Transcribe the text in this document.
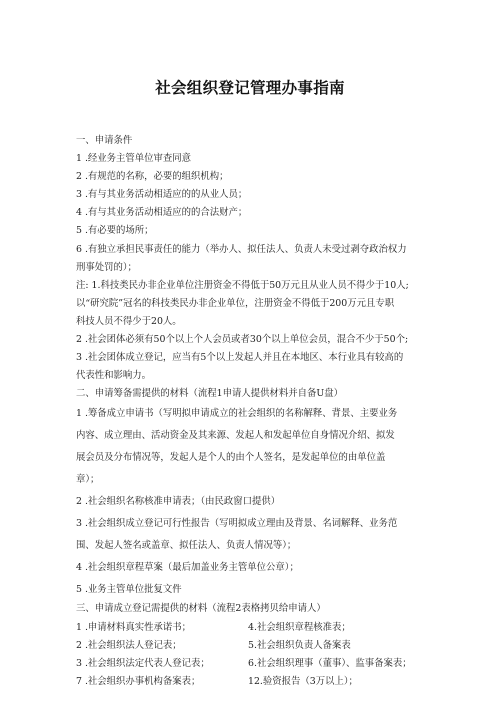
社会组织登记管理办事指南
一、申请条件
1 .经业务主管单位审查同意
2 .有规范的名称，必要的组织机构；
3 .有与其业务活动相适应的的从业人员；
4 .有与其业务活动相适应的的合法财产；
5 .有必要的场所；
6 .有独立承担民事责任的能力（举办人、拟任法人、负责人未受过剥夺政治权力
刑事处罚的）；
注: 1.科技类民办非企业单位注册资金不得低于50万元且从业人员不得少于10人;
以“研究院”冠名的科技类民办非企业单位，注册资金不得低于200万元且专职
科技人员不得少于20人。
2 .社会团体必须有50个以上个人会员或者30个以上单位会员，混合不少于50个;
3 .社会团体成立登记，应当有5个以上发起人并且在本地区、本行业具有较高的
代表性和影响力。
二、申请筹备需提供的材料（流程1申请人提供材料并自备U盘）
1 .筹备成立申请书（写明拟申请成立的社会组织的名称解释、背景、主要业务
内容、成立理由、活动资金及其来源、发起人和发起单位自身情况介绍、拟发
展会员及分布情况等，发起人是个人的由个人签名，是发起单位的由单位盖
章）；
2 .社会组织名称核准申请表；（由民政窗口提供）
3 .社会组织成立登记可行性报告（写明拟成立理由及背景、名词解释、业务范
围、发起人签名或盖章、拟任法人、负责人情况等）；
4 .社会组织章程草案（最后加盖业务主管单位公章）；
5 .业务主管单位批复文件
三、申请成立登记需提供的材料（流程2表格拷贝给申请人）
1 .申请材料真实性承诺书；	4.社会组织章程核准表；
2 .社会组织法人登记表；	5.社会组织负责人备案表
3 .社会组织法定代表人登记表；	6.社会组织理事（董事）、监事备案表；
7 .社会组织办事机构备案表；	12.验资报告（3万以上）；
